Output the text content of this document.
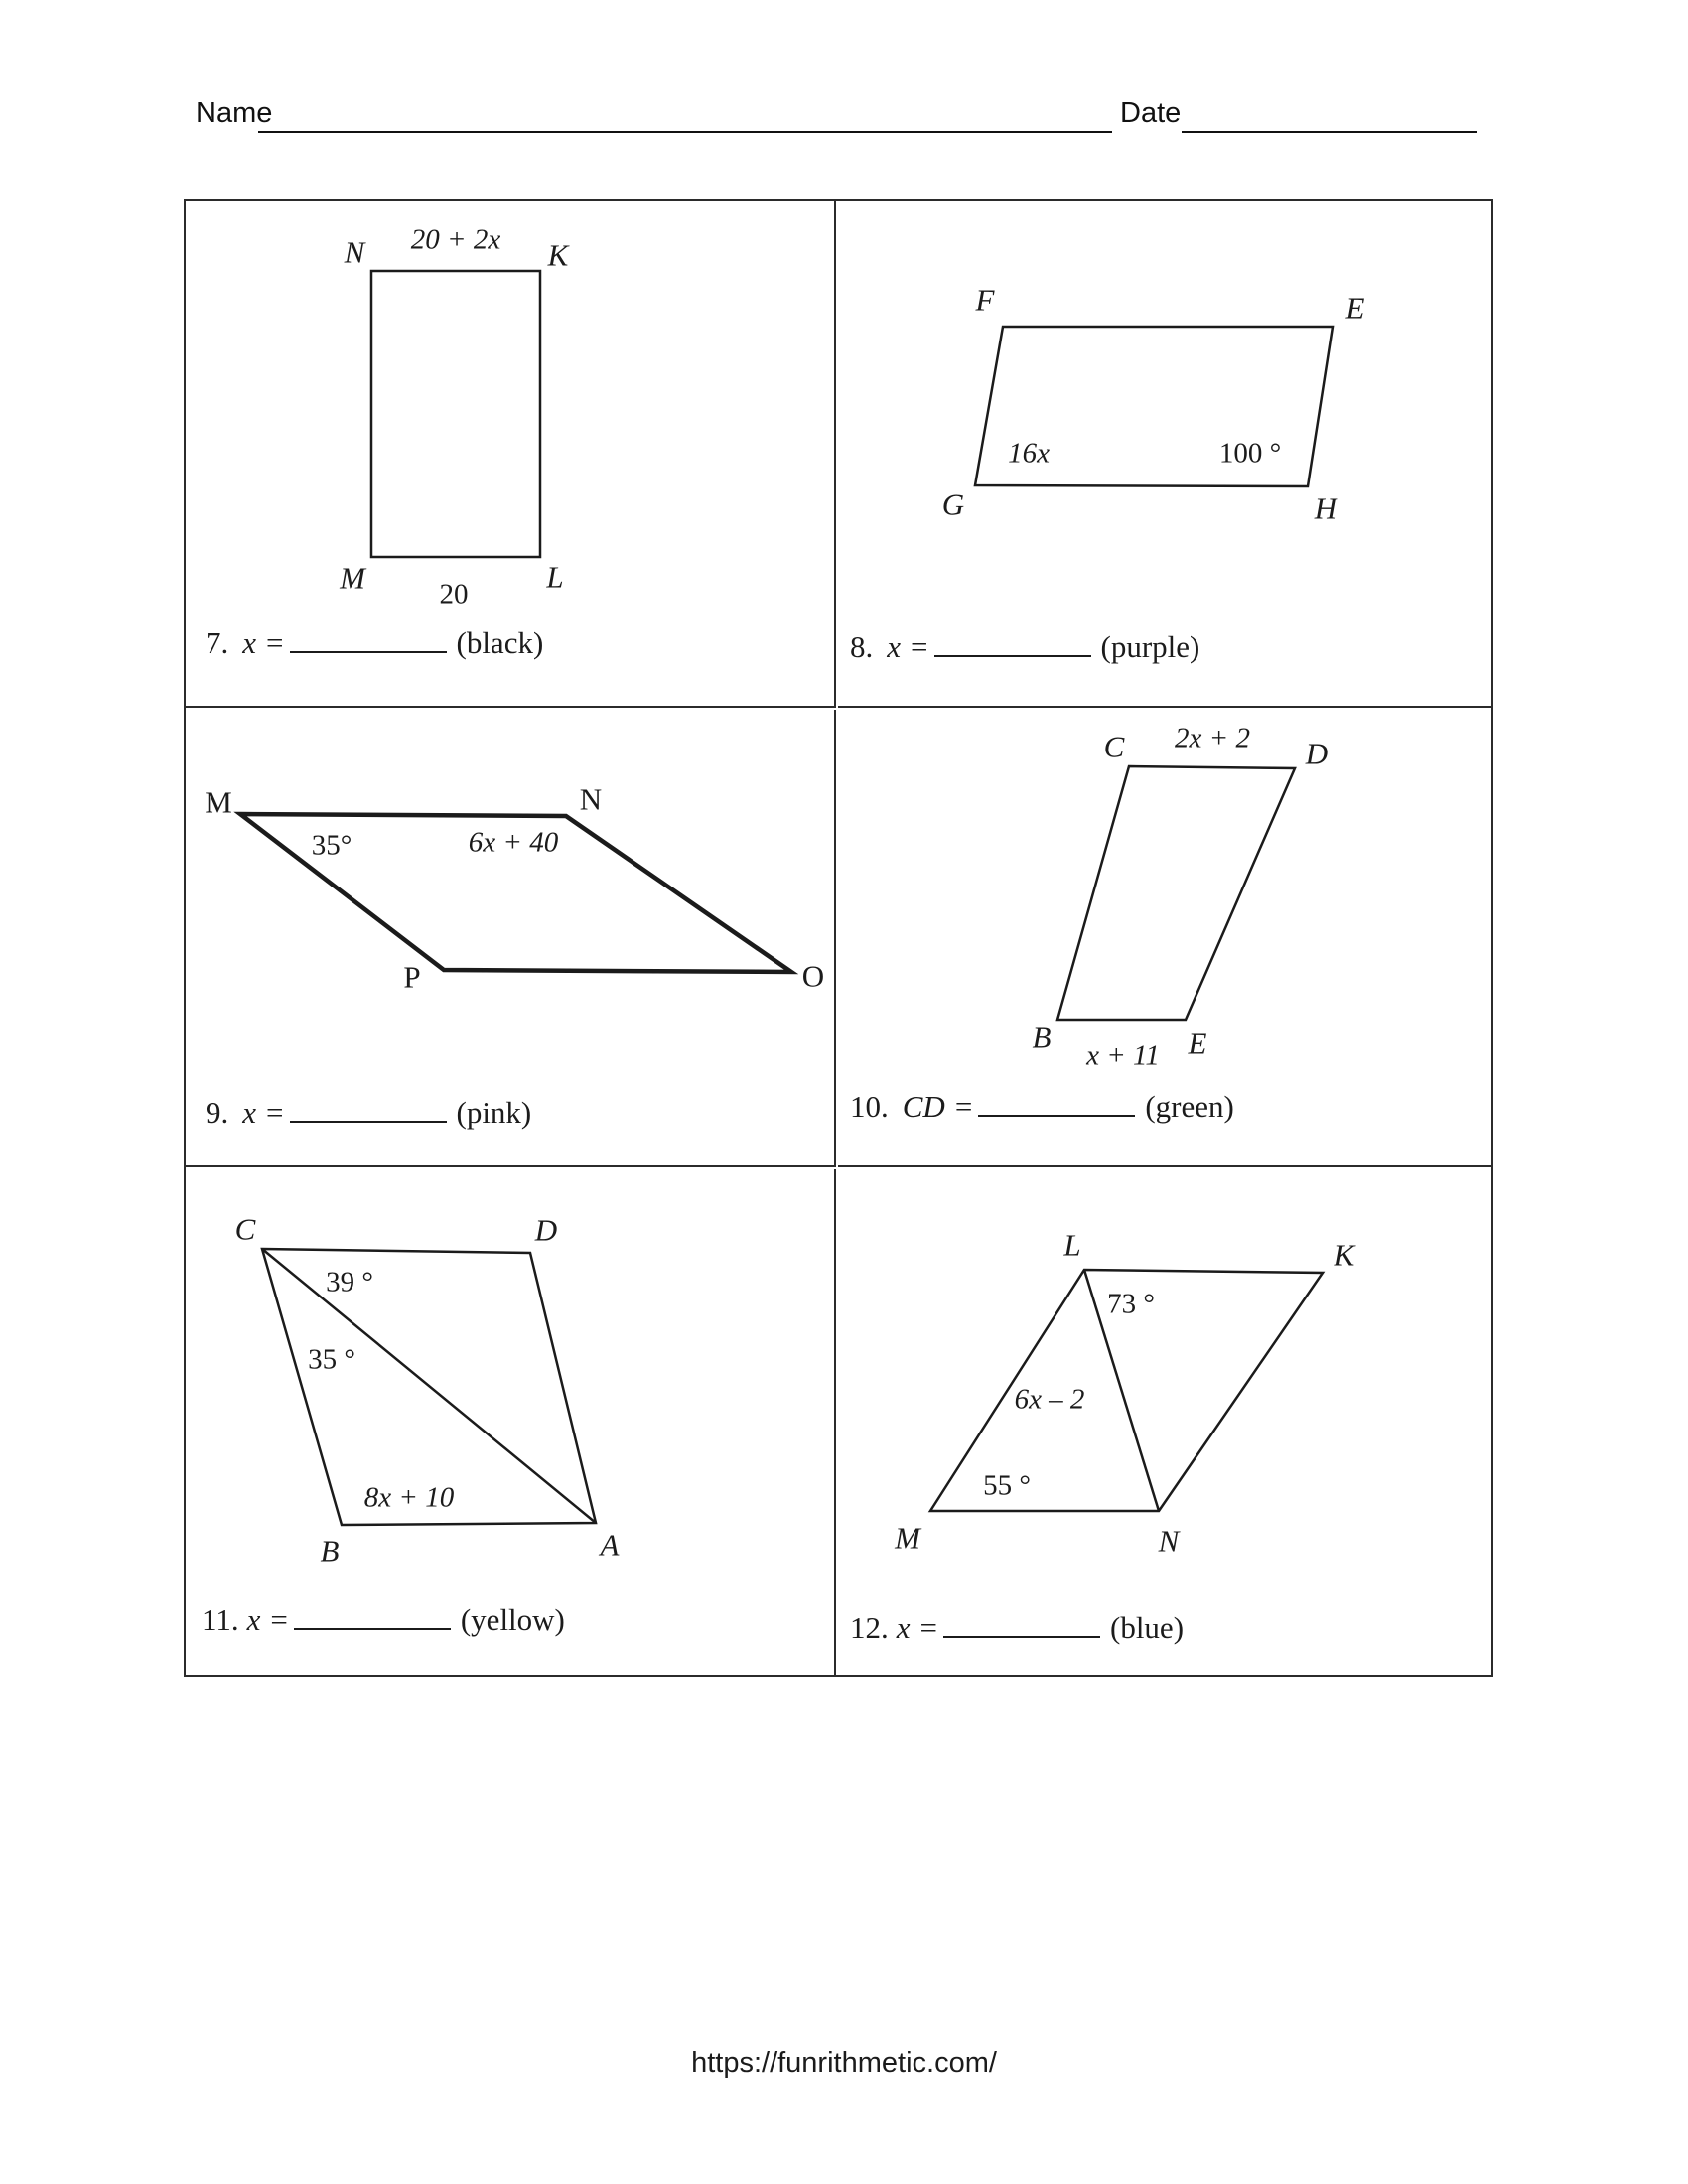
Name	Date
N 20 + 2x K
M	20	L
7. x =	(black)
F	E
G	H
16x	100 °
8. x =	(purple)
M	N
35°	6x + 40
P	O
9. x =	(pink)
C 2x + 2 D
B
x + 11 E
10. CD =	(green)
C	D
39 °
35 °
8x + 10
B	A
11. x =	(yellow)
L	K
73 °
6x – 2
55 °
M	N
12. x =	(blue)
https://funrithmetic.com/
